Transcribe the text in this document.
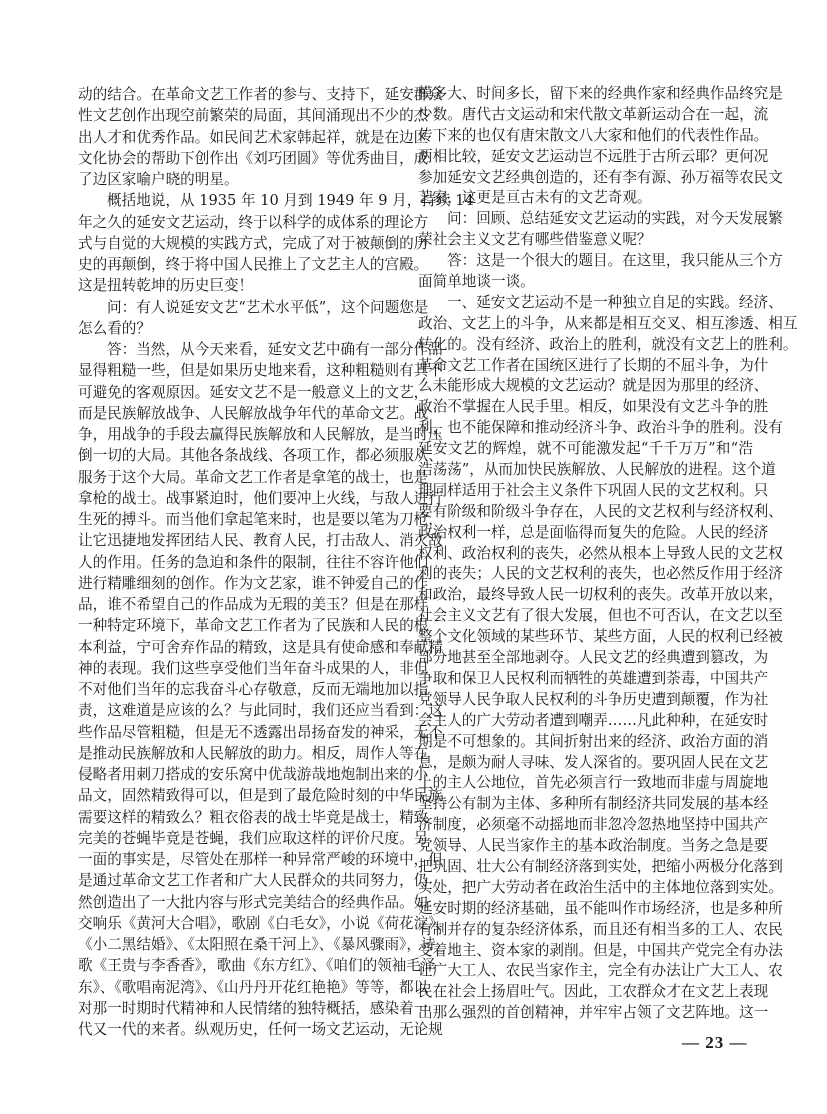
动的结合。在革命文艺工作者的参与、支持下，延安群众
性文艺创作出现空前繁荣的局面，其间涌现出不少的杰
出人才和优秀作品。如民间艺术家韩起祥，就是在边区
文化协会的帮助下创作出《刘巧团圆》等优秀曲目，成
了边区家喻户晓的明星。
概括地说，从 1935 年 10 月到 1949 年 9 月，持续 14
年之久的延安文艺运动，终于以科学的成体系的理论方
式与自觉的大规模的实践方式，完成了对于被颠倒的历
史的再颠倒，终于将中国人民推上了文艺主人的宫殿。
这是扭转乾坤的历史巨变！
问：有人说延安文艺“艺术水平低”，这个问题您是
怎么看的？
答：当然，从今天来看，延安文艺中确有一部分作品
显得粗糙一些，但是如果历史地来看，这种粗糙则有其不
可避免的客观原因。延安文艺不是一般意义上的文艺，
而是民族解放战争、人民解放战争年代的革命文艺。战
争，用战争的手段去赢得民族解放和人民解放，是当时压
倒一切的大局。其他各条战线、各项工作，都必须服从、
服务于这个大局。革命文艺工作者是拿笔的战士，也是
拿枪的战士。战事紧迫时，他们要冲上火线，与敌人进行
生死的搏斗。而当他们拿起笔来时，也是要以笔为刀枪，
让它迅捷地发挥团结人民、教育人民，打击敌人、消灭敌
人的作用。任务的急迫和条件的限制，往往不容许他们
进行精雕细刻的创作。作为文艺家，谁不钟爱自己的作
品，谁不希望自己的作品成为无瑕的美玉？但是在那样
一种特定环境下，革命文艺工作者为了民族和人民的根
本利益，宁可舍弃作品的精致，这是具有使命感和奉献精
神的表现。我们这些享受他们当年奋斗成果的人，非但
不对他们当年的忘我奋斗心存敬意，反而无端地加以指
责，这难道是应该的么？与此同时，我们还应当看到：这
些作品尽管粗糙，但是无不透露出昂扬奋发的神采，无不
是推动民族解放和人民解放的助力。相反，周作人等在
侵略者用刺刀搭成的安乐窝中优哉游哉地炮制出来的小
品文，固然精致得可以，但是到了最危险时刻的中华民族
需要这样的精致么？粗衣俗表的战士毕竟是战士，精致
完美的苍蝇毕竟是苍蝇，我们应取这样的评价尺度。另
一面的事实是，尽管处在那样一种异常严峻的环境中，但
是通过革命文艺工作者和广大人民群众的共同努力，仍
然创造出了一大批内容与形式完美结合的经典作品。如
交响乐《黄河大合唱》，歌剧《白毛女》，小说《荷花淀》、
《小二黑结婚》、《太阳照在桑干河上》、《暴风骤雨》，诗
歌《王贵与李香香》，歌曲《东方红》、《咱们的领袖毛泽
东》、《歌唱南泥湾》、《山丹丹开花红艳艳》等等，都以
对那一时期时代精神和人民情绪的独特概括，感染着一
代又一代的来者。纵观历史，任何一场文艺运动，无论规
模多大、时间多长，留下来的经典作家和经典作品终究是
少数。唐代古文运动和宋代散文革新运动合在一起，流
传下来的也仅有唐宋散文八大家和他们的代表性作品。
两相比较，延安文艺运动岂不远胜于古所云耶？更何况
参加延安文艺经典创造的，还有李有源、孙万福等农民文
艺家，这更是亘古未有的文艺奇观。
问：回顾、总结延安文艺运动的实践，对今天发展繁
荣社会主义文艺有哪些借鉴意义呢？
答：这是一个很大的题目。在这里，我只能从三个方
面简单地谈一谈。
一、延安文艺运动不是一种独立自足的实践。经济、
政治、文艺上的斗争，从来都是相互交叉、相互渗透、相互
转化的。没有经济、政治上的胜利，就没有文艺上的胜利。
革命文艺工作者在国统区进行了长期的不屈斗争，为什
么未能形成大规模的文艺运动？就是因为那里的经济、
政治不掌握在人民手里。相反，如果没有文艺斗争的胜
利，也不能保障和推动经济斗争、政治斗争的胜利。没有
延安文艺的辉煌，就不可能激发起“千千万万”和“浩
浩荡荡”，从而加快民族解放、人民解放的进程。这个道
理同样适用于社会主义条件下巩固人民的文艺权利。只
要有阶级和阶级斗争存在，人民的文艺权利与经济权利、
政治权利一样，总是面临得而复失的危险。人民的经济
权利、政治权利的丧失，必然从根本上导致人民的文艺权
利的丧失；人民的文艺权利的丧失，也必然反作用于经济
和政治，最终导致人民一切权利的丧失。改革开放以来，
社会主义文艺有了很大发展，但也不可否认，在文艺以至
整个文化领域的某些环节、某些方面，人民的权利已经被
部分地甚至全部地剥夺。人民文艺的经典遭到篡改，为
争取和保卫人民权利而牺牲的英雄遭到荼毒，中国共产
党领导人民争取人民权利的斗争历史遭到颠覆，作为社
会主人的广大劳动者遭到嘲弄……凡此种种，在延安时
期是不可想象的。其间折射出来的经济、政治方面的消
息，是颇为耐人寻味、发人深省的。要巩固人民在文艺
上的主人公地位，首先必须言行一致地而非虚与周旋地
坚持公有制为主体、多种所有制经济共同发展的基本经
济制度，必须毫不动摇地而非忽冷忽热地坚持中国共产
党领导、人民当家作主的基本政治制度。当务之急是要
把巩固、壮大公有制经济落到实处，把缩小两极分化落到
实处，把广大劳动者在政治生活中的主体地位落到实处。
延安时期的经济基础，虽不能叫作市场经济，也是多种所
有制并存的复杂经济体系，而且还有相当多的工人、农民
受着地主、资本家的剥削。但是，中国共产党完全有办法
让广大工人、农民当家作主，完全有办法让广大工人、农
民在社会上扬眉吐气。因此，工农群众才在文艺上表现
出那么强烈的首创精神，并牢牢占领了文艺阵地。这一
— 23 —
